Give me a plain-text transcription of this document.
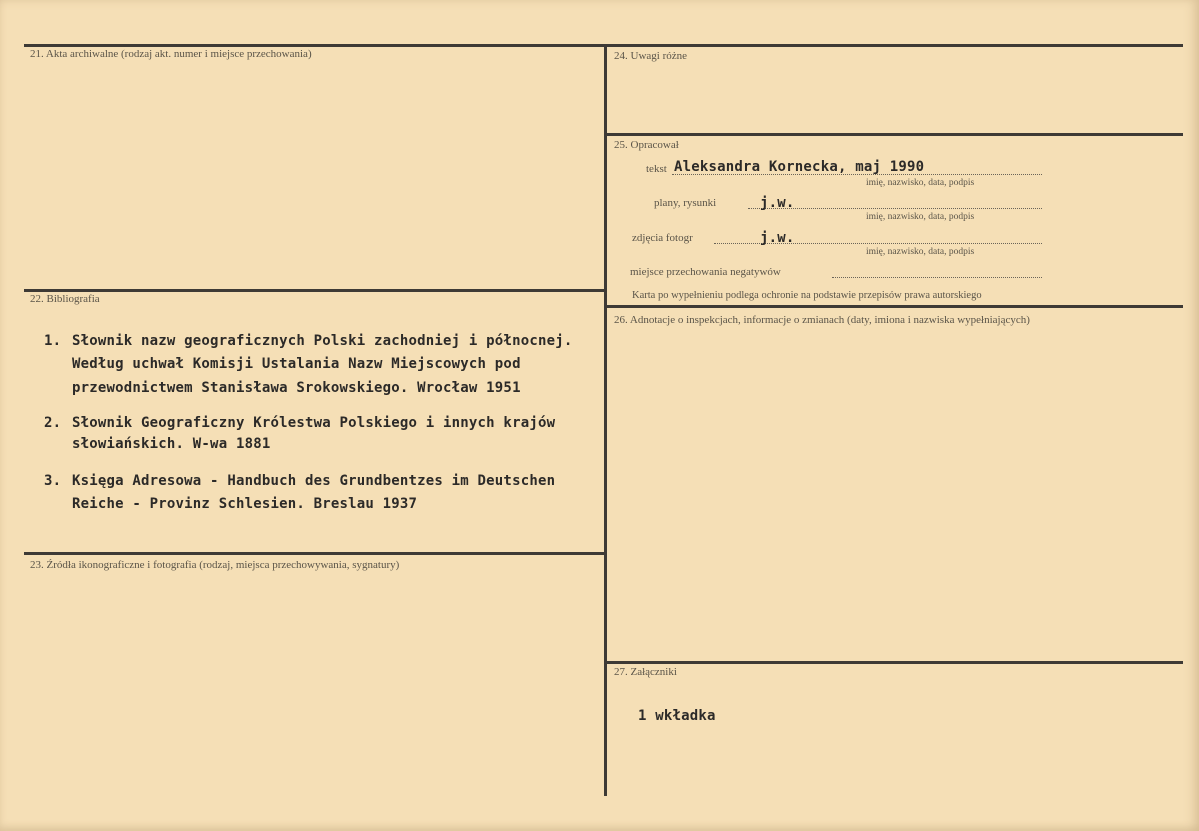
21. Akta archiwalne (rodzaj akt. numer i miejsce przechowania)
22. Bibliografia
1. Słownik nazw geograficznych Polski zachodniej i północnej.
Według uchwał Komisji Ustalania Nazw Miejscowych pod
przewodnictwem Stanisława Srokowskiego. Wrocław 1951
2. Słownik Geograficzny Królestwa Polskiego i innych krajów
słowiańskich. W-wa 1881
3. Księga Adresowa - Handbuch des Grundbentzes im Deutschen
Reiche - Provinz Schlesien. Breslau 1937
23. Źródła ikonograficzne i fotografia (rodzaj, miejsca przechowywania, sygnatury)
24. Uwagi różne
25. Opracował
tekst Aleksandra Kornecka, maj 1990
imię, nazwisko, data, podpis
plany, rysunki	j.w.
imię, nazwisko, data, podpis
zdjęcia fotogr	j.w.
imię, nazwisko, data, podpis
miejsce przechowania negatywów
Karta po wypełnieniu podlega ochronie na podstawie przepisów prawa autorskiego
26. Adnotacje o inspekcjach, informacje o zmianach (daty, imiona i nazwiska wypełniających)
27. Załączniki
1 wkładka
